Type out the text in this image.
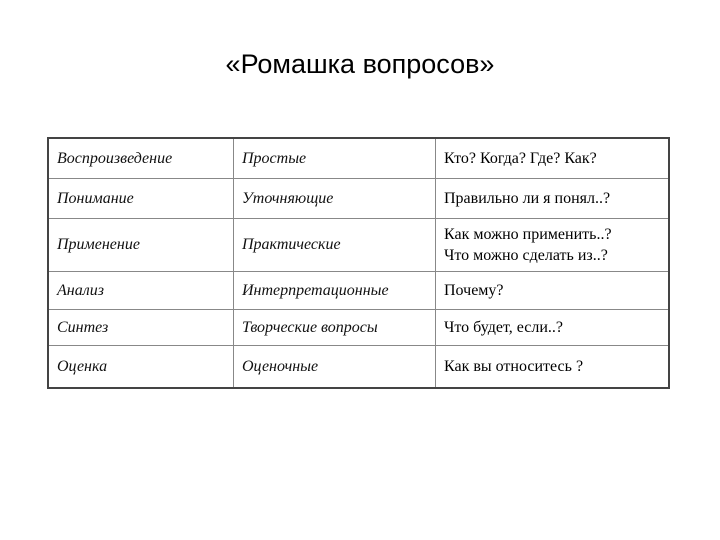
«Ромашка вопросов»
Воспроизведение	Простые	Кто? Когда? Где? Как?

Понимание	Уточняющие	Правильно ли я понял..?

Применение	Практические	Как можно применить..?
Что можно сделать из..?

Анализ	Интерпретационные	Почему?

Синтез	Творческие вопросы	Что будет, если..?

Оценка	Оценочные	Как вы относитесь ?
